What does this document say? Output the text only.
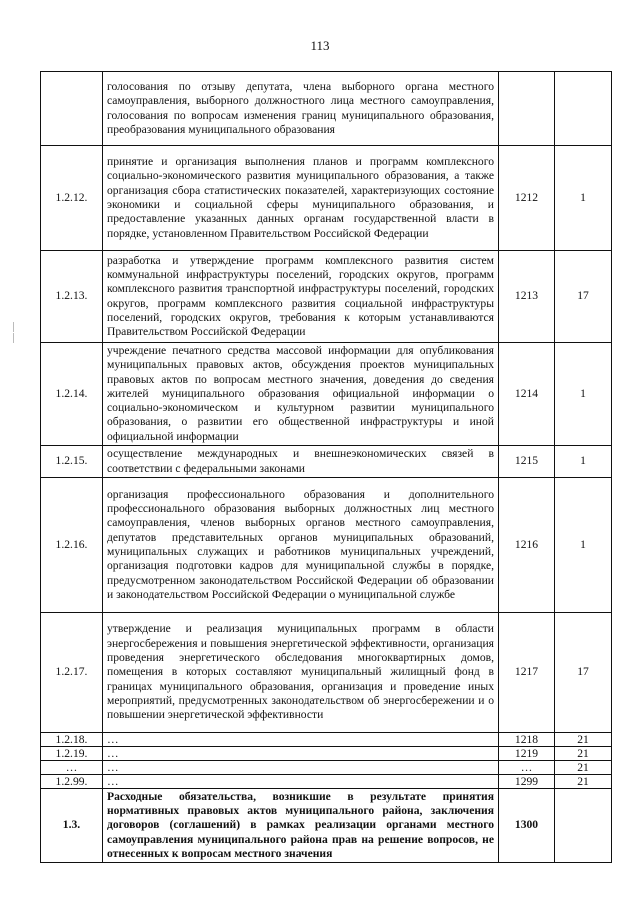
113
	голосования по отзыву депутата, члена выборного органа местного самоуправления, выборного должностного лица местного самоуправления, голосования по вопросам изменения границ муниципального образования, преобразования муниципального образования		
1.2.12.	принятие и организация выполнения планов и программ комплексного социально-экономического развития муниципального образования, а также организация сбора статистических показателей, характеризующих состояние экономики и социальной сферы муниципального образования, и предоставление указанных данных органам государственной власти в порядке, установленном Правительством Российской Федерации	1212	1
1.2.13.	разработка и утверждение программ комплексного развития систем коммунальной инфраструктуры поселений, городских округов, программ комплексного развития транспортной инфраструктуры поселений, городских округов, программ комплексного развития социальной инфраструктуры поселений, городских округов, требования к которым устанавливаются Правительством Российской Федерации	1213	17
1.2.14.	учреждение печатного средства массовой информации для опубликования муниципальных правовых актов, обсуждения проектов муниципальных правовых актов по вопросам местного значения, доведения до сведения жителей муниципального образования официальной информации о социально-экономическом и культурном развитии муниципального образования, о развитии его общественной инфраструктуры и иной официальной информации	1214	1
1.2.15.	осуществление международных и внешнеэкономических связей в соответствии с федеральными законами	1215	1
1.2.16.	организация профессионального образования и дополнительного профессионального образования выборных должностных лиц местного самоуправления, членов выборных органов местного самоуправления, депутатов представительных органов муниципальных образований, муниципальных служащих и работников муниципальных учреждений, организация подготовки кадров для муниципальной службы в порядке, предусмотренном законодательством Российской Федерации об образовании и законодательством Российской Федерации о муниципальной службе	1216	1
1.2.17.	утверждение и реализация муниципальных программ в области энергосбережения и повышения энергетической эффективности, организация проведения энергетического обследования многоквартирных домов, помещения в которых составляют муниципальный жилищный фонд в границах муниципального образования, организация и проведение иных мероприятий, предусмотренных законодательством об энергосбережении и о повышении энергетической эффективности	1217	17
1.2.18.	…	1218	21
1.2.19.	…	1219	21
…	…	…	21
1.2.99.	…	1299	21
1.3.	Расходные обязательства, возникшие в результате принятия нормативных правовых актов муниципального района, заключения договоров (соглашений) в рамках реализации органами местного самоуправления муниципального района прав на решение вопросов, не отнесенных к вопросам местного значения	1300	
